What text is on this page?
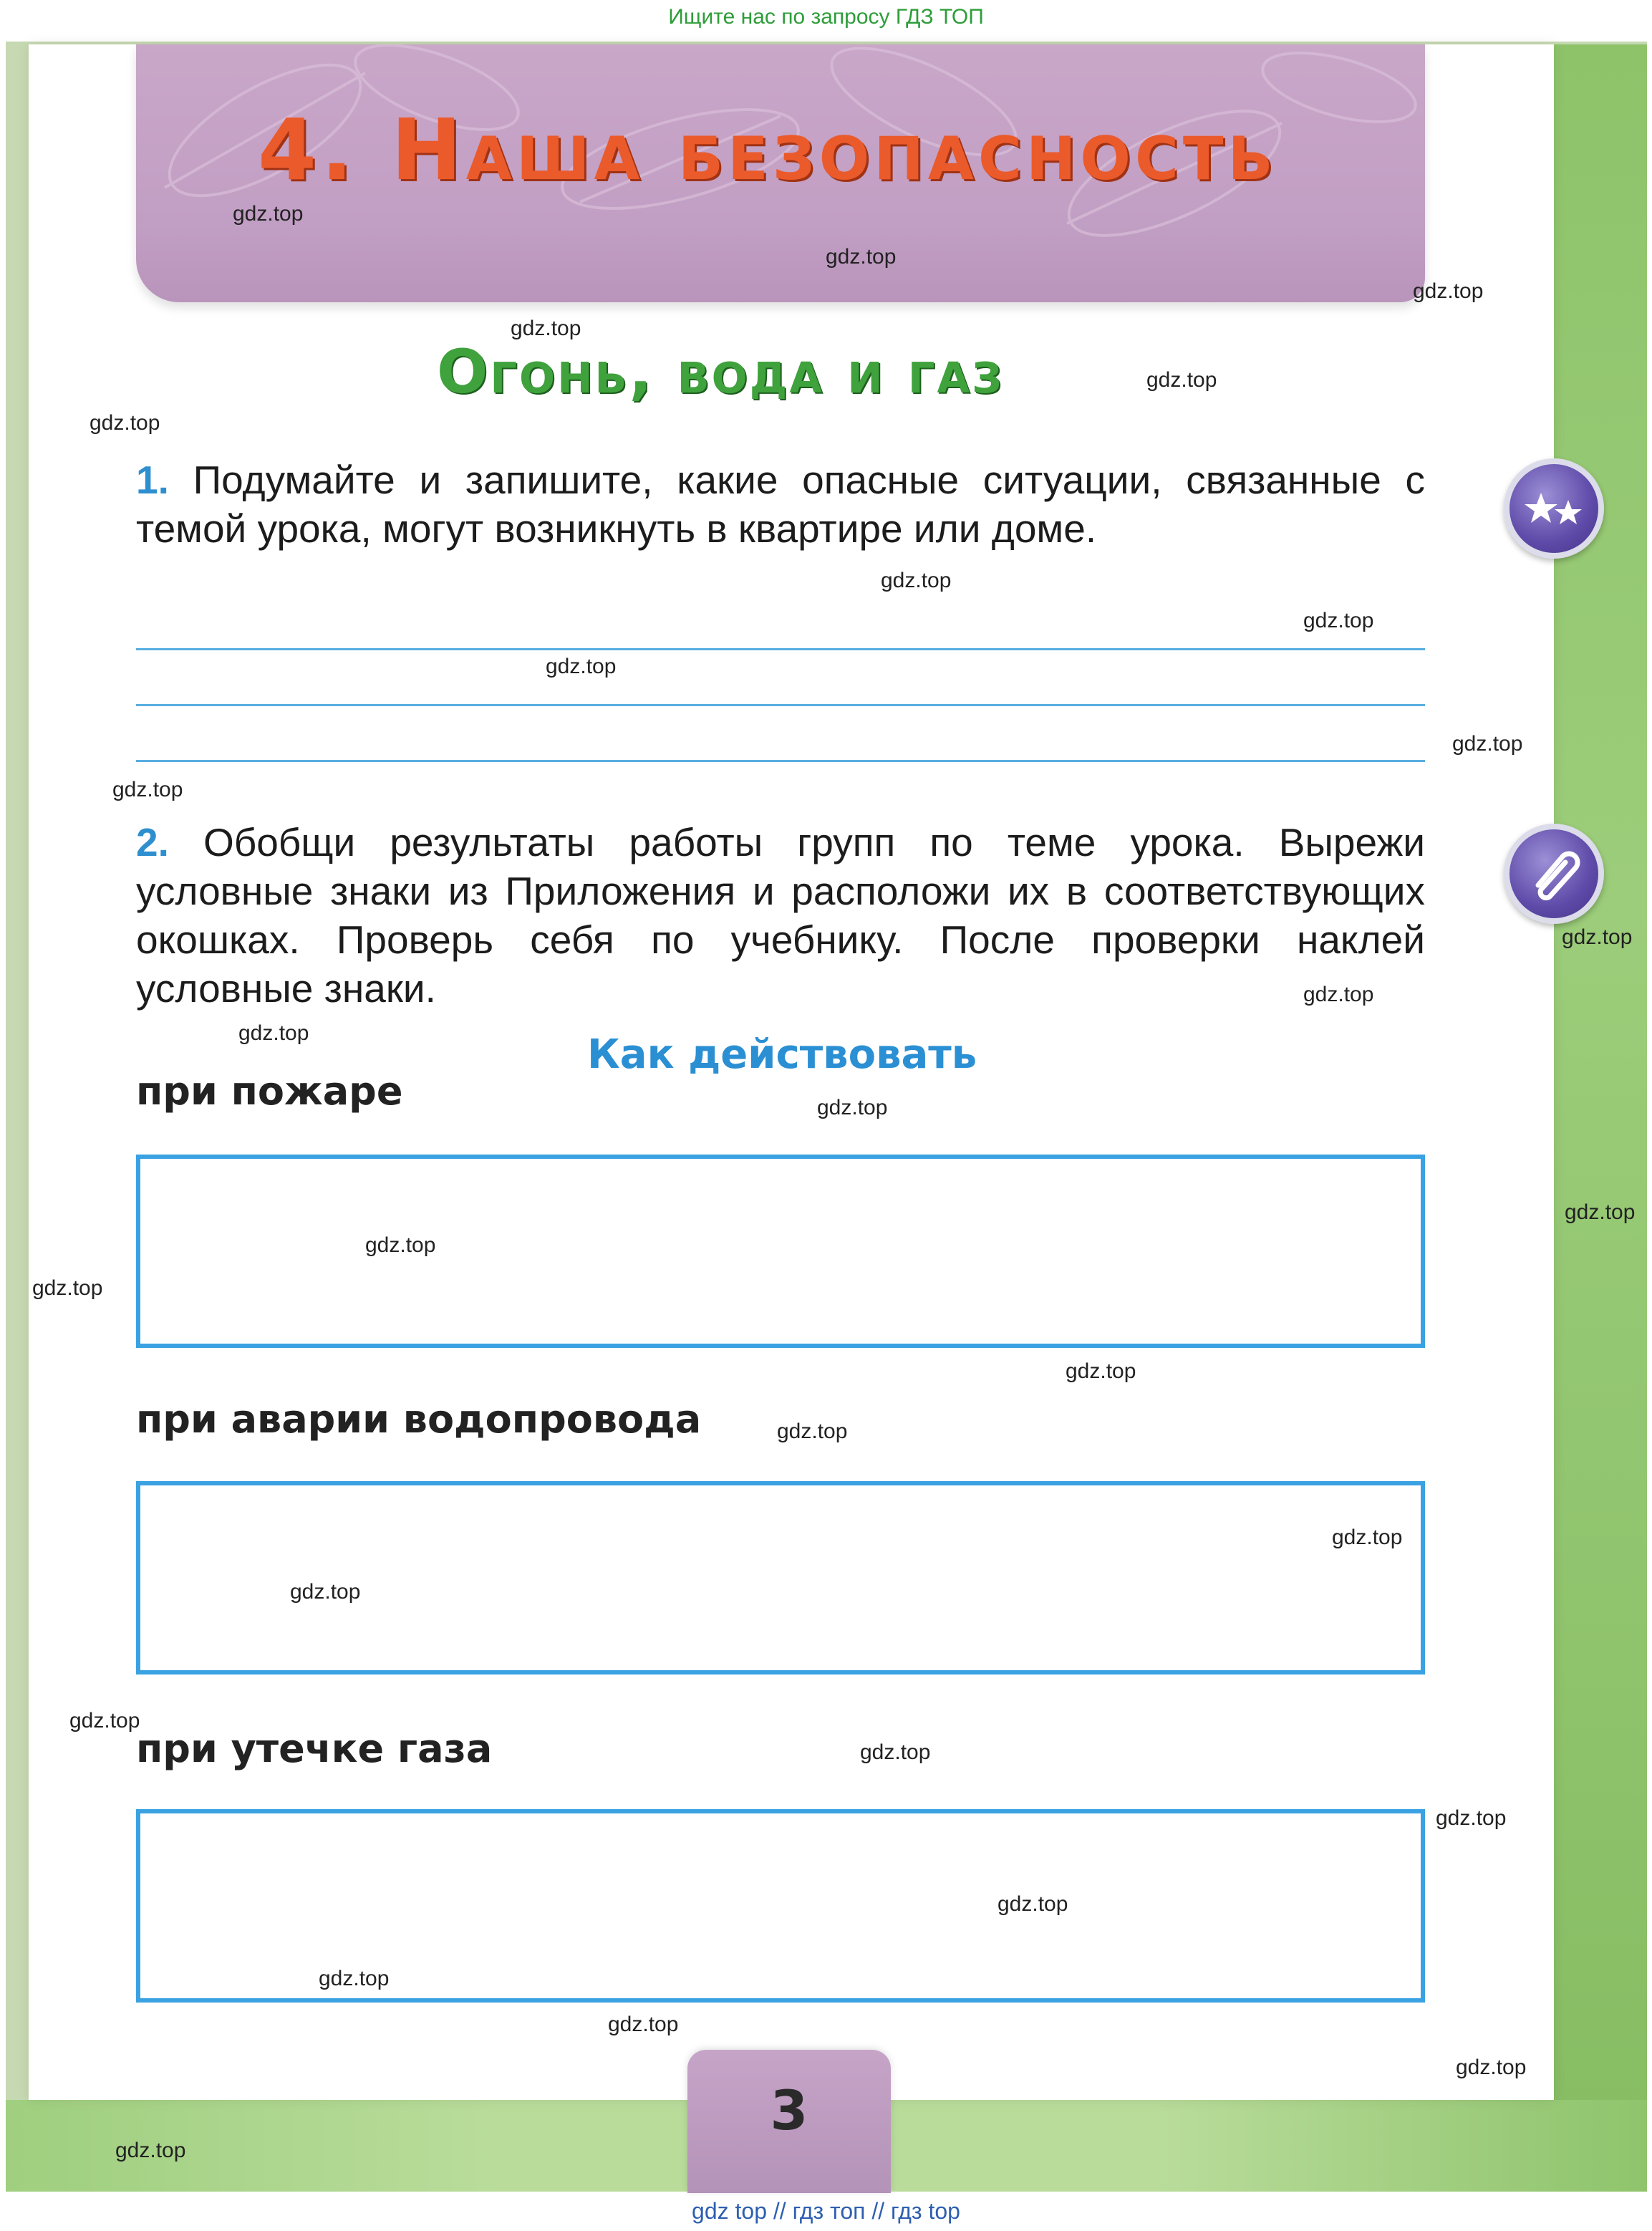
Ищите нас по запросу ГДЗ ТОП
4. Наша безопасность
Огонь, вода и газ

1. Подумайте и запишите, какие опасные ситуации, связанные с темой урока, могут возникнуть в квартире или доме.

2. Обобщи результаты работы групп по теме урока. Вырежи условные знаки из Приложения и расположи их в соответствующих окошках. Проверь себя по учебнику. После проверки наклей условные знаки.

Как действовать

при пожаре

при аварии водопровода

при утечке газа

3

gdz.top
gdz.top
gdz.top
gdz.top
gdz.top
gdz.top
gdz.top
gdz.top
gdz.top
gdz.top
gdz.top
gdz.top
gdz.top
gdz.top
gdz.top
gdz.top
gdz.top
gdz.top
gdz.top
gdz.top
gdz.top
gdz.top
gdz.top
gdz.top
gdz.top
gdz.top
gdz.top
gdz.top
gdz.top
gdz.top
gdz top // гдз топ // гдз top
